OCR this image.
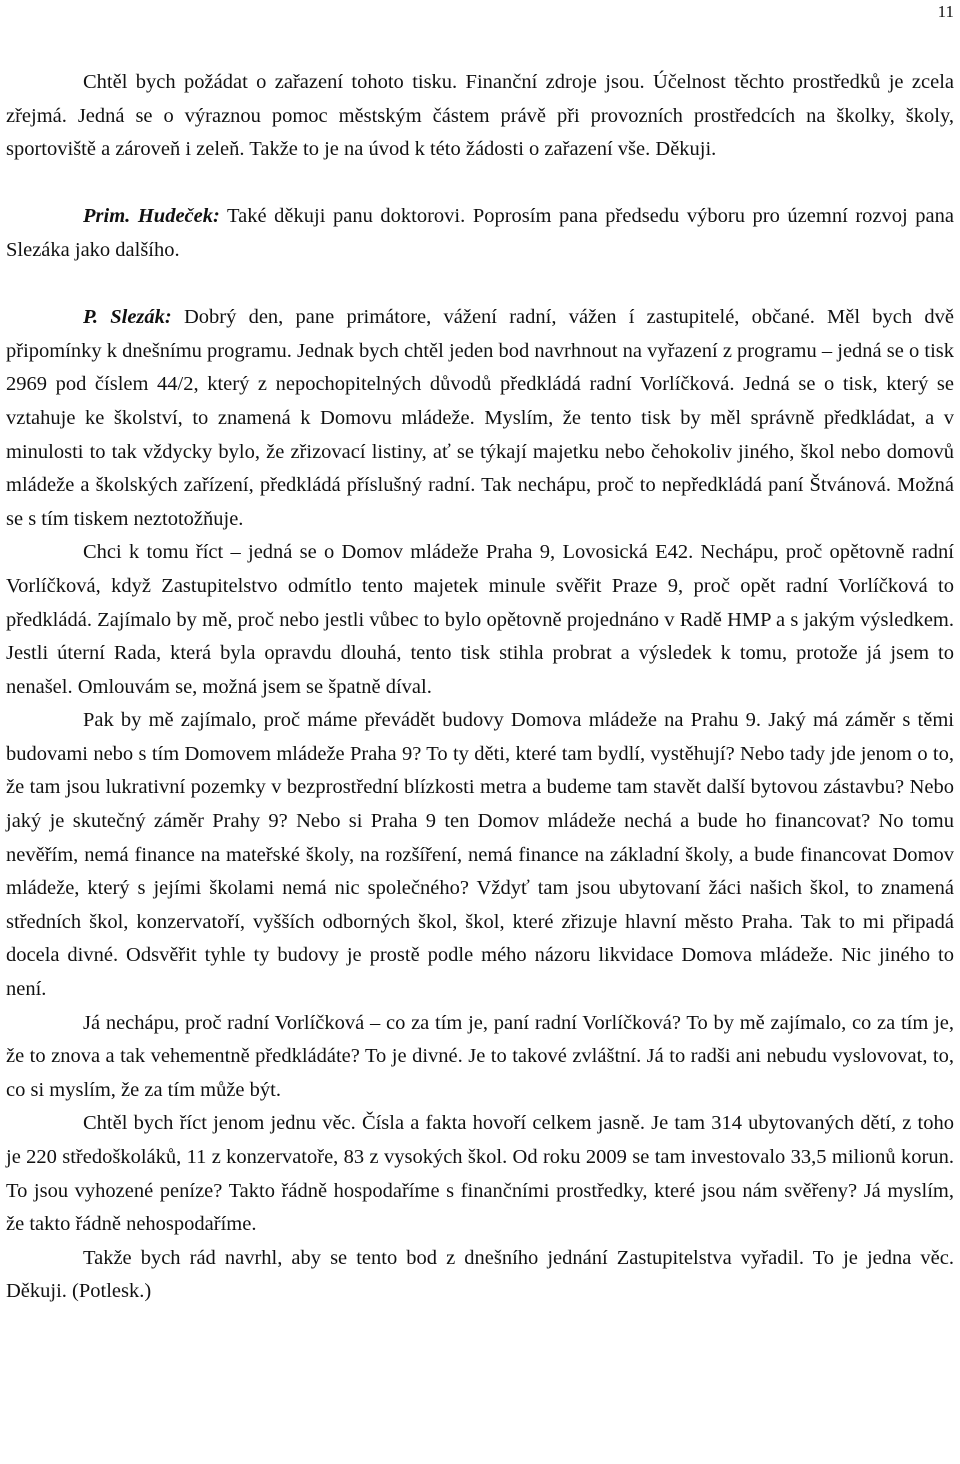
11

Chtěl bych požádat o zařazení tohoto tisku. Finanční zdroje jsou. Účelnost těchto prostředků je zcela zřejmá. Jedná se o výraznou pomoc městským částem právě při provozních prostředcích na školky, školy, sportoviště a zároveň i zeleň. Takže to je na úvod k této žádosti o zařazení vše. Děkuji.

Prim. Hudeček: Také děkuji panu doktorovi. Poprosím pana předsedu výboru pro územní rozvoj pana Slezáka jako dalšího.

P. Slezák: Dobrý den, pane primátore, vážení radní, vážen í zastupitelé, občané. Měl bych dvě připomínky k dnešnímu programu. Jednak bych chtěl jeden bod navrhnout na vyřazení z programu – jedná se o tisk 2969 pod číslem 44/2, který z nepochopitelných důvodů předkládá radní Vorlíčková. Jedná se o tisk, který se vztahuje ke školství, to znamená k Domovu mládeže. Myslím, že tento tisk by měl správně předkládat, a v minulosti to tak vždycky bylo, že zřizovací listiny, ať se týkají majetku nebo čehokoliv jiného, škol nebo domovů mládeže a školských zařízení, předkládá příslušný radní. Tak nechápu, proč to nepředkládá paní Štvánová. Možná se s tím tiskem neztotožňuje.

Chci k tomu říct – jedná se o Domov mládeže Praha 9, Lovosická E42. Nechápu, proč opětovně radní Vorlíčková, když Zastupitelstvo odmítlo tento majetek minule svěřit Praze 9, proč opět radní Vorlíčková to předkládá. Zajímalo by mě, proč nebo jestli vůbec to bylo opětovně projednáno v Radě HMP a s jakým výsledkem. Jestli úterní Rada, která byla opravdu dlouhá, tento tisk stihla probrat a výsledek k tomu, protože já jsem to nenašel. Omlouvám se, možná jsem se špatně díval.

Pak by mě zajímalo, proč máme převádět budovy Domova mládeže na Prahu 9. Jaký má záměr s těmi budovami nebo s tím Domovem mládeže Praha 9? To ty děti, které tam bydlí, vystěhují? Nebo tady jde jenom o to, že tam jsou lukrativní pozemky v bezprostřední blízkosti metra a budeme tam stavět další bytovou zástavbu? Nebo jaký je skutečný záměr Prahy 9? Nebo si Praha 9 ten Domov mládeže nechá a bude ho financovat? No tomu nevěřím, nemá finance na mateřské školy, na rozšíření, nemá finance na základní školy, a bude financovat Domov mládeže, který s jejími školami nemá nic společného? Vždyť tam jsou ubytovaní žáci našich škol, to znamená středních škol, konzervatoří, vyšších odborných škol, škol, které zřizuje hlavní město Praha. Tak to mi připadá docela divné. Odsvěřit tyhle ty budovy je prostě podle mého názoru likvidace Domova mládeže. Nic jiného to není.

Já nechápu, proč radní Vorlíčková – co za tím je, paní radní Vorlíčková? To by mě zajímalo, co za tím je, že to znova a tak vehementně předkládáte? To je divné. Je to takové zvláštní. Já to radši ani nebudu vyslovovat, to, co si myslím, že za tím může být.

Chtěl bych říct jenom jednu věc. Čísla a fakta hovoří celkem jasně. Je tam 314 ubytovaných dětí, z toho je 220 středoškoláků, 11 z konzervatoře, 83 z vysokých škol. Od roku 2009 se tam investovalo 33,5 milionů korun. To jsou vyhozené peníze? Takto řádně hospodaříme s finančními prostředky, které jsou nám svěřeny? Já myslím, že takto řádně nehospodaříme.

Takže bych rád navrhl, aby se tento bod z dnešního jednání Zastupitelstva vyřadil. To je jedna věc. Děkuji. (Potlesk.)
